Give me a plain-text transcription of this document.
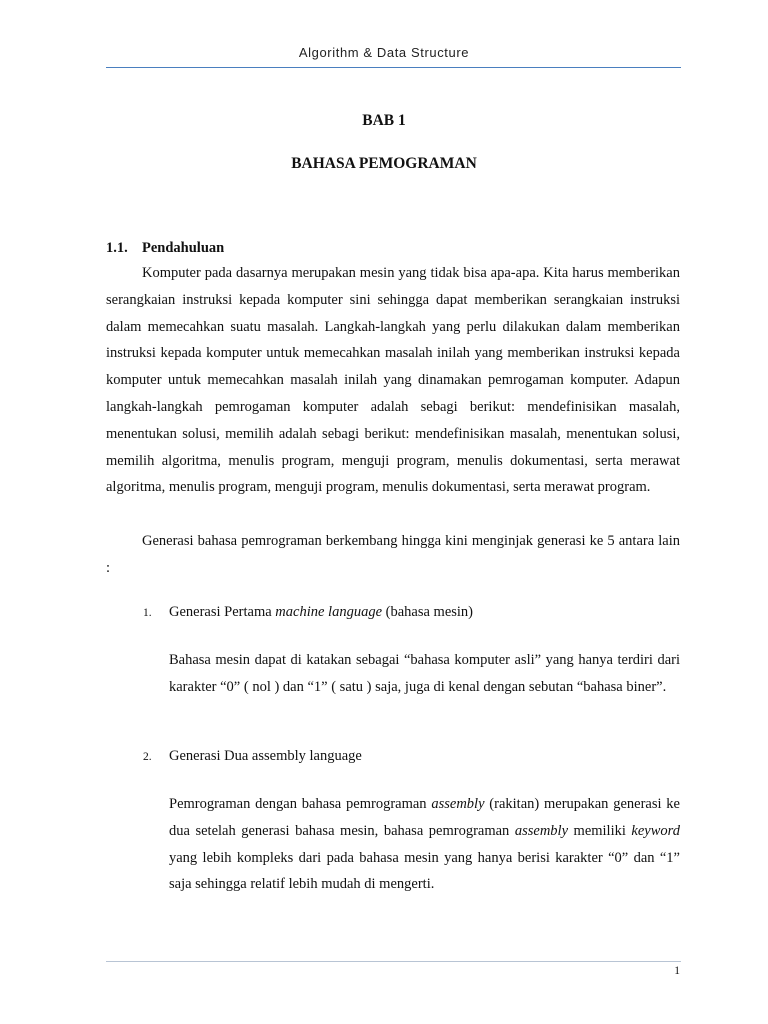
Algorithm & Data Structure
BAB 1
BAHASA PEMOGRAMAN
1.1. Pendahuluan

Komputer pada dasarnya merupakan mesin yang tidak bisa apa-apa. Kita harus memberikan serangkaian instruksi kepada komputer sini sehingga dapat memberikan serangkaian instruksi dalam memecahkan suatu masalah. Langkah-langkah yang perlu dilakukan dalam memberikan instruksi kepada komputer untuk memecahkan masalah inilah yang memberikan instruksi kepada komputer untuk memecahkan masalah inilah yang dinamakan pemrogaman komputer. Adapun langkah-langkah pemrogaman komputer adalah sebagi berikut: mendefinisikan masalah, menentukan solusi, memilih adalah sebagi berikut: mendefinisikan masalah, menentukan solusi, memilih algoritma, menulis program, menguji program, menulis dokumentasi, serta merawat algoritma, menulis program, menguji program, menulis dokumentasi, serta merawat program.

Generasi bahasa pemrograman berkembang hingga kini menginjak generasi ke 5 antara lain :

1. Generasi Pertama machine language (bahasa mesin)

Bahasa mesin dapat di katakan sebagai “bahasa komputer asli” yang hanya terdiri dari karakter “0” ( nol ) dan “1” ( satu ) saja, juga di kenal dengan sebutan “bahasa biner”.

2. Generasi Dua assembly language

Pemrograman dengan bahasa pemrograman assembly (rakitan) merupakan generasi ke dua setelah generasi bahasa mesin, bahasa pemrograman assembly memiliki keyword yang lebih kompleks dari pada bahasa mesin yang hanya berisi karakter “0” dan “1” saja sehingga relatif lebih mudah di mengerti.

1
